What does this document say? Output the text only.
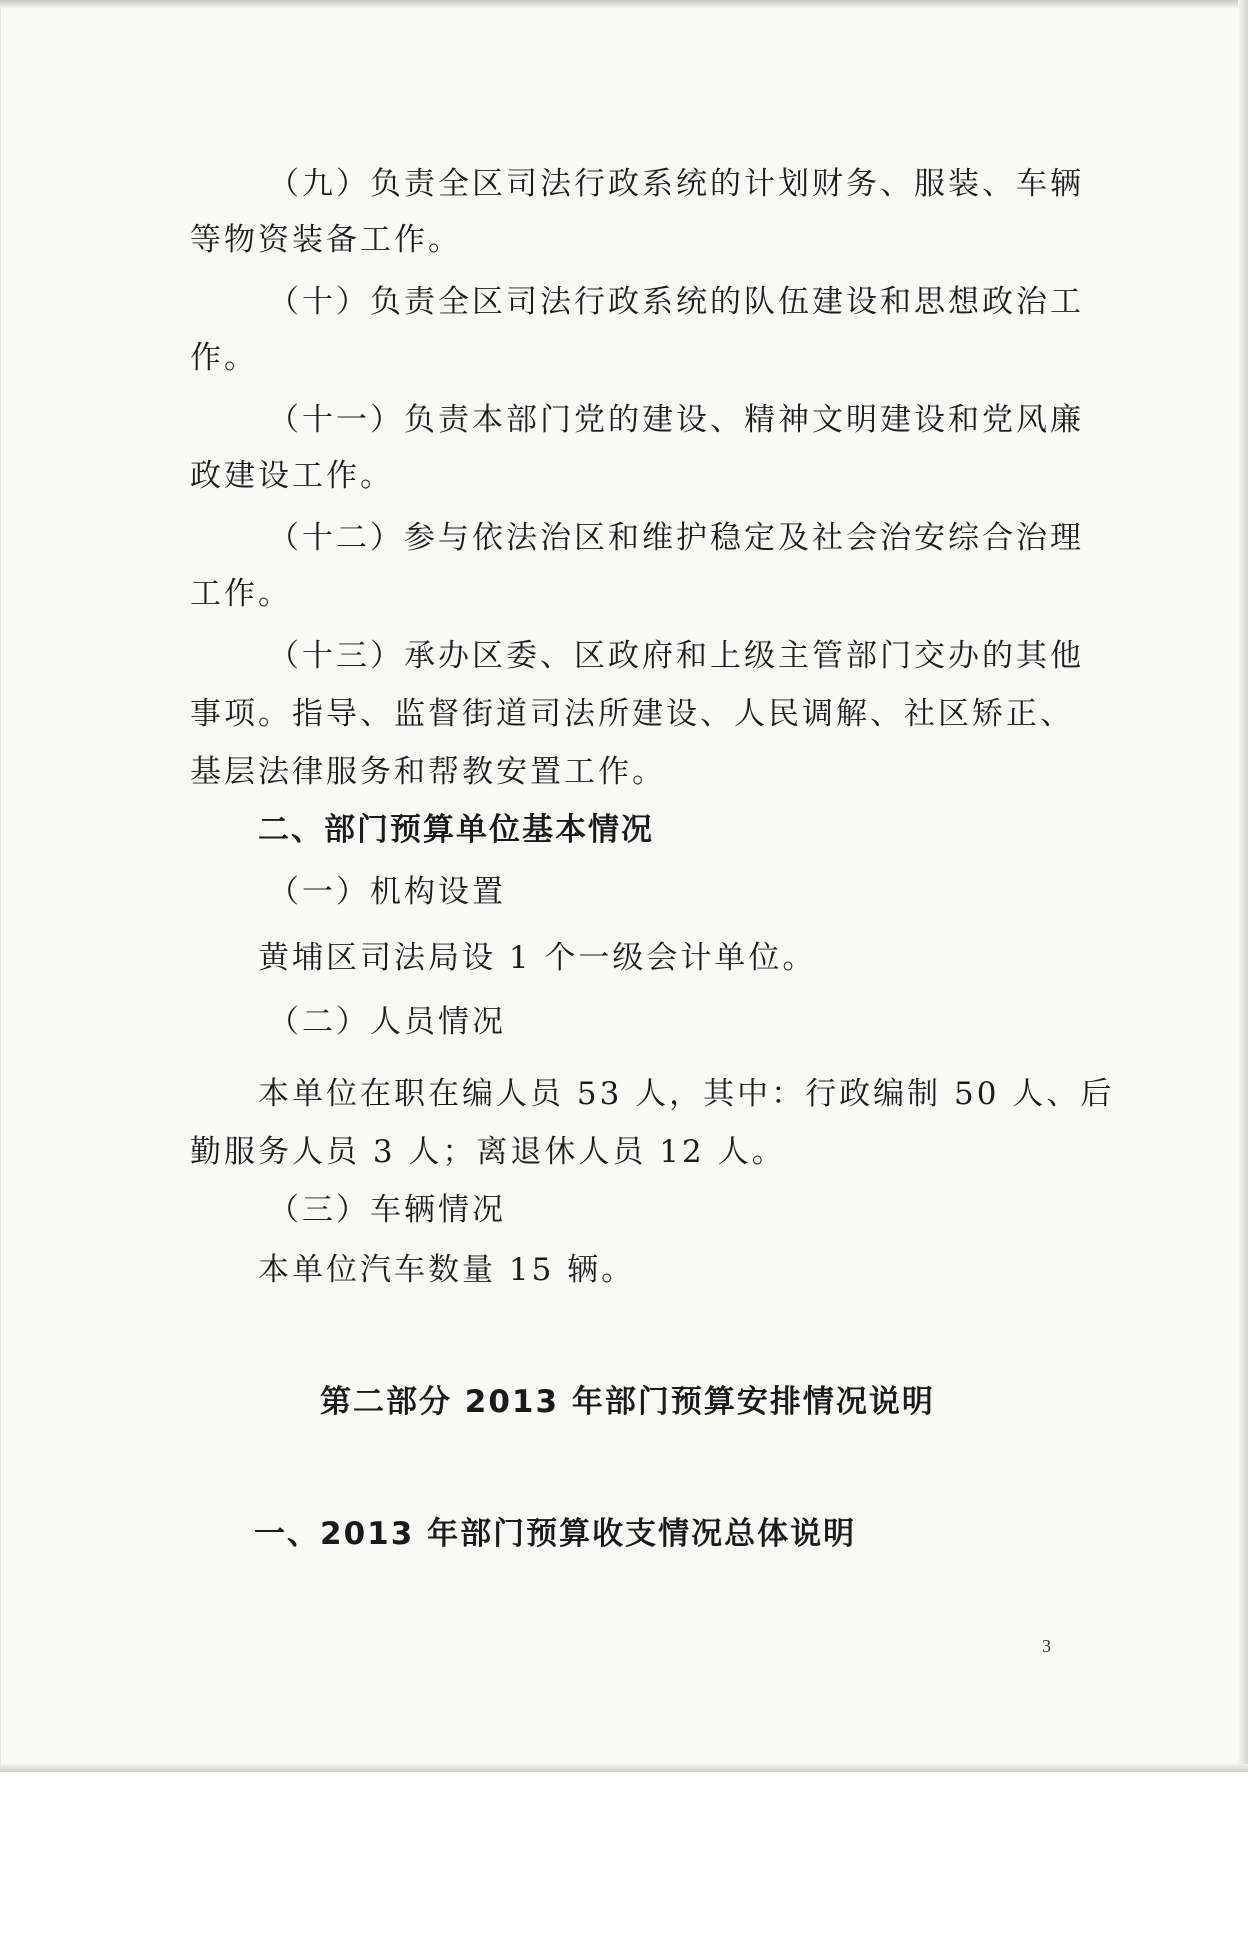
（九）负责全区司法行政系统的计划财务、服装、车辆
等物资装备工作。
（十）负责全区司法行政系统的队伍建设和思想政治工
作。
（十一）负责本部门党的建设、精神文明建设和党风廉
政建设工作。
（十二）参与依法治区和维护稳定及社会治安综合治理
工作。
（十三）承办区委、区政府和上级主管部门交办的其他
事项。指导、监督街道司法所建设、人民调解、社区矫正、
基层法律服务和帮教安置工作。
二、部门预算单位基本情况
（一）机构设置
黄埔区司法局设 1 个一级会计单位。
（二）人员情况
本单位在职在编人员 53 人，其中：行政编制 50 人、后
勤服务人员 3 人；离退休人员 12 人。
（三）车辆情况
本单位汽车数量 15 辆。
第二部分 2013 年部门预算安排情况说明
一、2013 年部门预算收支情况总体说明
3
